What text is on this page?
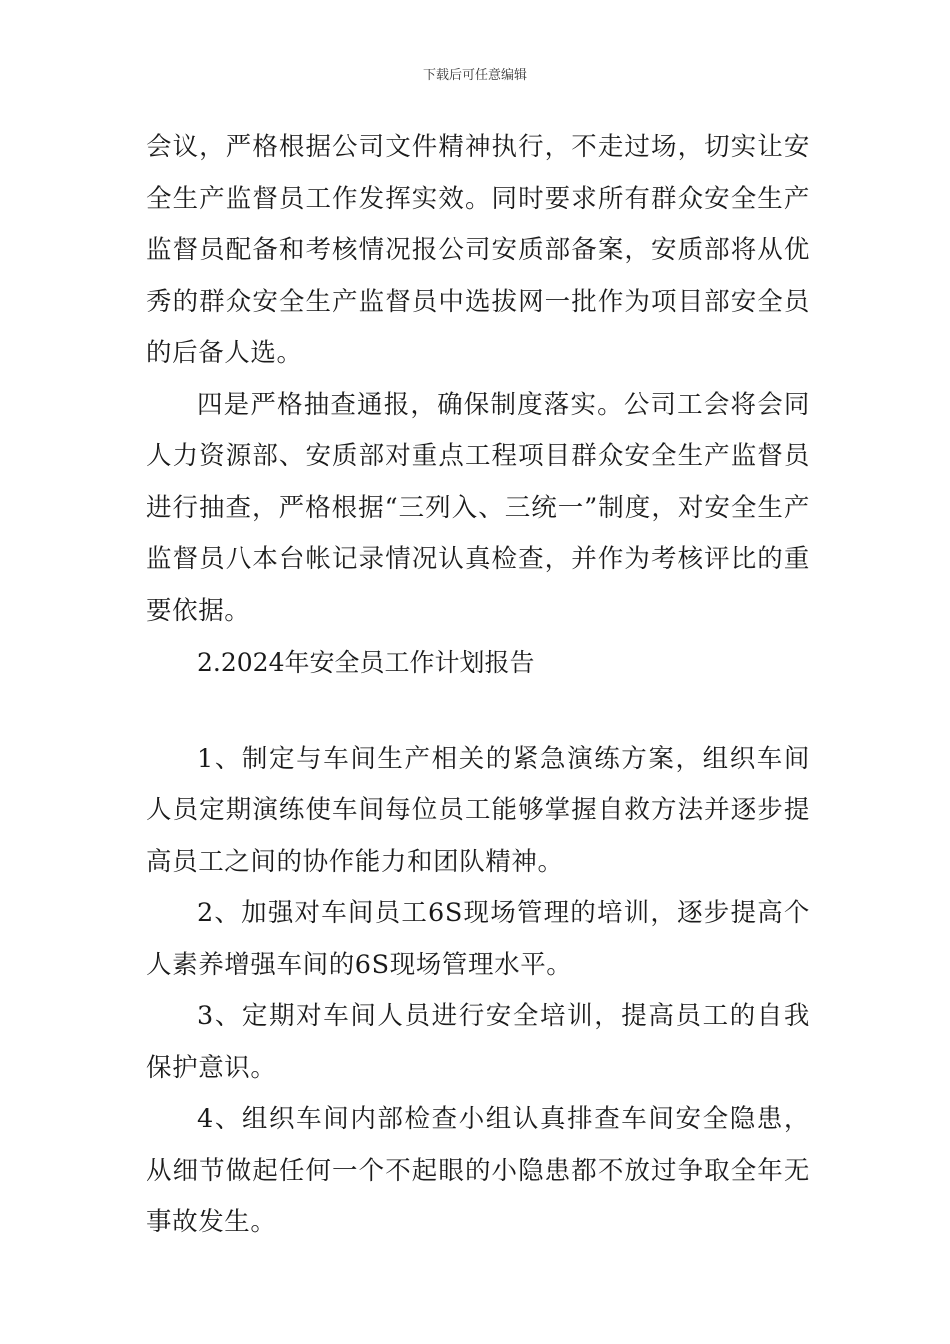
下载后可任意编辑

会议，严格根据公司文件精神执行，不走过场，切实让安全生产监督员工作发挥实效。同时要求所有群众安全生产监督员配备和考核情况报公司安质部备案，安质部将从优秀的群众安全生产监督员中选拔网一批作为项目部安全员的后备人选。

四是严格抽查通报，确保制度落实。公司工会将会同人力资源部、安质部对重点工程项目群众安全生产监督员进行抽查，严格根据“三列入、三统一”制度，对安全生产监督员八本台帐记录情况认真检查，并作为考核评比的重要依据。

2.2024年安全员工作计划报告

1、制定与车间生产相关的紧急演练方案，组织车间人员定期演练使车间每位员工能够掌握自救方法并逐步提高员工之间的协作能力和团队精神。

2、加强对车间员工6S现场管理的培训，逐步提高个人素养增强车间的6S现场管理水平。

3、定期对车间人员进行安全培训，提高员工的自我保护意识。

4、组织车间内部检查小组认真排查车间安全隐患，从细节做起任何一个不起眼的小隐患都不放过争取全年无事故发生。
